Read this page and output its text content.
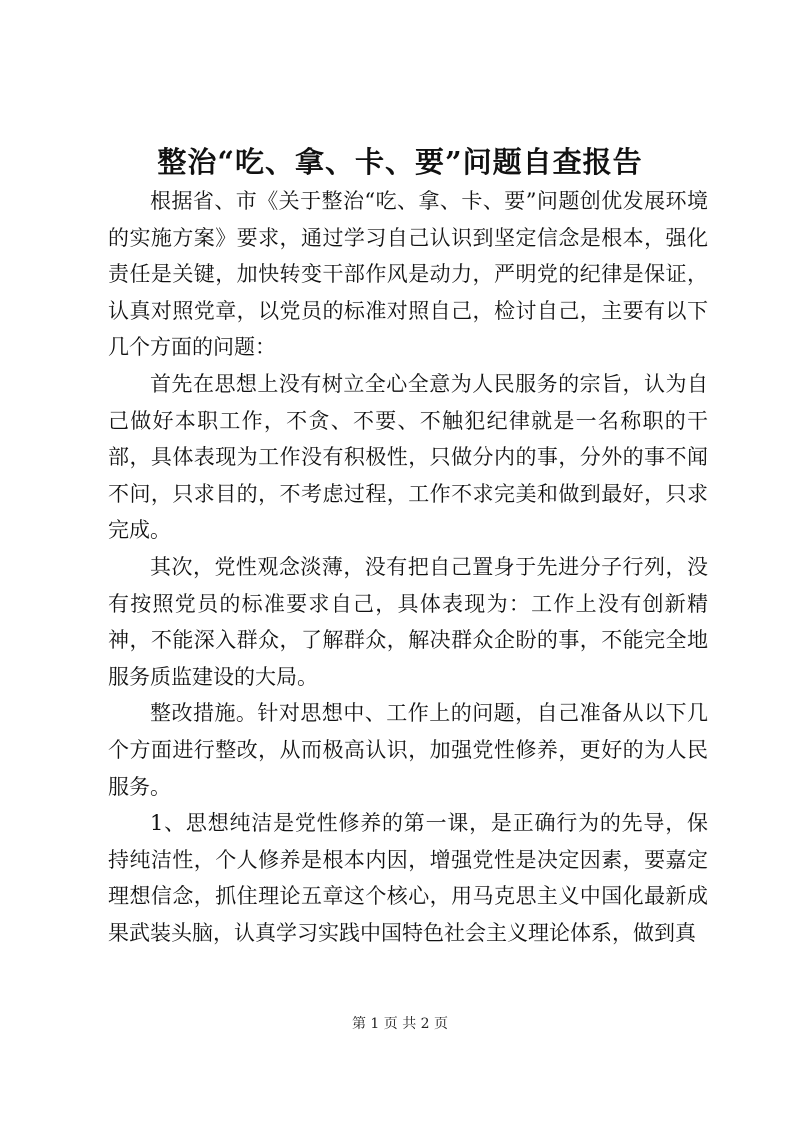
整治“吃、拿、卡、要”问题自查报告

根据省、市《关于整治“吃、拿、卡、要”问题创优发展环境的实施方案》要求，通过学习自己认识到坚定信念是根本，强化责任是关键，加快转变干部作风是动力，严明党的纪律是保证，认真对照党章，以党员的标准对照自己，检讨自己，主要有以下几个方面的问题：

首先在思想上没有树立全心全意为人民服务的宗旨，认为自己做好本职工作，不贪、不要、不触犯纪律就是一名称职的干部，具体表现为工作没有积极性，只做分内的事，分外的事不闻不问，只求目的，不考虑过程，工作不求完美和做到最好，只求完成。

其次，党性观念淡薄，没有把自己置身于先进分子行列，没有按照党员的标准要求自己，具体表现为：工作上没有创新精神，不能深入群众，了解群众，解决群众企盼的事，不能完全地服务质监建设的大局。

整改措施。针对思想中、工作上的问题，自己准备从以下几个方面进行整改，从而极高认识，加强党性修养，更好的为人民服务。

1、思想纯洁是党性修养的第一课，是正确行为的先导，保持纯洁性，个人修养是根本内因，增强党性是决定因素，要嘉定理想信念，抓住理论五章这个核心，用马克思主义中国化最新成果武装头脑，认真学习实践中国特色社会主义理论体系，做到真

第 1 页 共 2 页
